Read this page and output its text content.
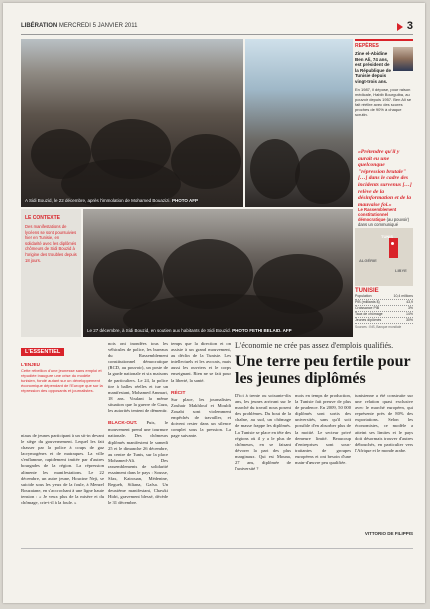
LIBÉRATION MERCREDI 5 JANVIER 2011	3
A Sidi Bouzid, le 22 décembre, après l'immolation de Mohamed Bouazizi. PHOTO AFP
Le 27 décembre, à Sidi Bouzid, en soutien aux habitants de Sidi Bouzid. PHOTO FETHI BELAID. AFP
LE CONTEXTE
Des manifestations de lycéens se sont poursuivies hier en Tunisie, en solidarité avec les diplômés chômeurs de Sidi Bouzid à l'origine des troubles depuis 18 jours.
L'ESSENTIEL
L'ENJEU
Cette rébellion d'une jeunesse sans emploi et répudiée inaugure une crise du modèle tunisien, fondé autant sur un développement économique dépendant de l'Europe que sur la répression des opposants et journalistes.
niaux de jeunes participant à un sit-in devant le siège du gouvernement. Lequel les fait chasser par la police à coups de gaz lacrymogènes et de matraques. La ville s'enflamme, rapidement imitée par d'autres bourgades de la région. La répression alimente les manifestations. Le 22 décembre, un autre jeune, Houcine Neji, se suicide sous les yeux de la foule, à Menzel Bouzaiane, en s'accrochant à une ligne haute tension : « Je veux plus de la misère et du chômage, crie-t-il à la foule. »
nois ont inondées tous les véhicules de police, les bureaux du Rassemblement constitutionnel démocratique (RCD, au pouvoir), un poste de la garde nationale et six maisons de particuliers. Le 24, la police tire à balles réelles et tue un manifestant, Mohamed Ammari, 18 ans. Voulant la même situation que la guerre de Gaza, les autorités tentent de démentir.

BLACK-OUT. Puis, le mouvement prend une tournure nationale. Des chômeurs diplômés manifestent le samedi 25 et le dimanche 26 décembre, au centre de Tunis, sur la place Mohamed-Ali. Des rassemblements de solidarité essaiment dans le pays : Sousse, Sfax, Kairouan, Médenine, Regueb, Siliana, Gafsa. Un deuxième manifestant, Chawki Hidri, gravement blessé, décède le 31 décembre.
temps que la direction et on assiste à un grand mouvement, au déclin de la Tunisie. Les intellectuels et les avocats, mais aussi les ouvriers et le corps enseignant. Rien ne se fait pour la liberté, la santé.

RÉCIT
Sur place, les journalistes Zouhair Makhlouf et Mouldi Zouabi sont violemment empêchés de travailler, et doivent rester dans un silence complet sous la pression. La page suivante.
L'économie ne crée pas assez d'emplois qualifiés.
Une terre peu fertile pour les jeunes diplômés
D'ici à trente ou soixante-dix ans, les jeunes arrivant sur le marché du travail nous posent des problèmes. Du bout de la chaîne, au sud, un chômage de masse frappe les diplômés. La Tunisie se place en tête des régions où il y a le plus de chômeurs, en se faisant dévorer la part des plus marginaux. Qui est Mouna, 27 ans, diplômée de l'université ?
mois en temps de production, la Tunisie fait preuve de plus de prudence. En 2009, 50 000 diplômés sont sortis des universités, sans qu'il soit possible d'en absorber plus de la moitié. Le secteur privé demeure limité. Beaucoup d'entreprises sont sous-traitantes de groupes européens et ont besoin d'une main-d'œuvre peu qualifiée.
tunisienne a été construite sur une relation quasi exclusive avec le marché européen, qui représente près de 80% des exportations. Selon les économistes, ce modèle a atteint ses limites et le pays doit désormais trouver d'autres débouchés, en particulier vers l'Afrique et le monde arabe.
VITTORIO DE FILIPPIS
REPÈRES
Zine el-Abidine Ben Ali, 74 ans, est président de la République de Tunisie depuis vingt-trois ans.
En 1987, il dépose, pour raison médicale, Habib Bourguiba, au pouvoir depuis 1957. Ben Ali se fait réélire avec des scores proches de 90% à chaque scrutin.
«Prétendre qu'il y aurait eu une quelconque "répression brutale" […] dans le cadre des incidents survenus […] relève de la désinformation et de la mauvaise foi.»
Le Rassemblement constitutionnel démocratique (au pouvoir) dans un communiqué
ALGÉRIE
LIBYE
TUNIS
TUNISIE
Population	10,4 millions
PIB (milliards $)	43,9
Croissance PIB	3%
Taux de chômage	14%
Jeunes diplômés	30%
Sources : INS, Banque mondiale
